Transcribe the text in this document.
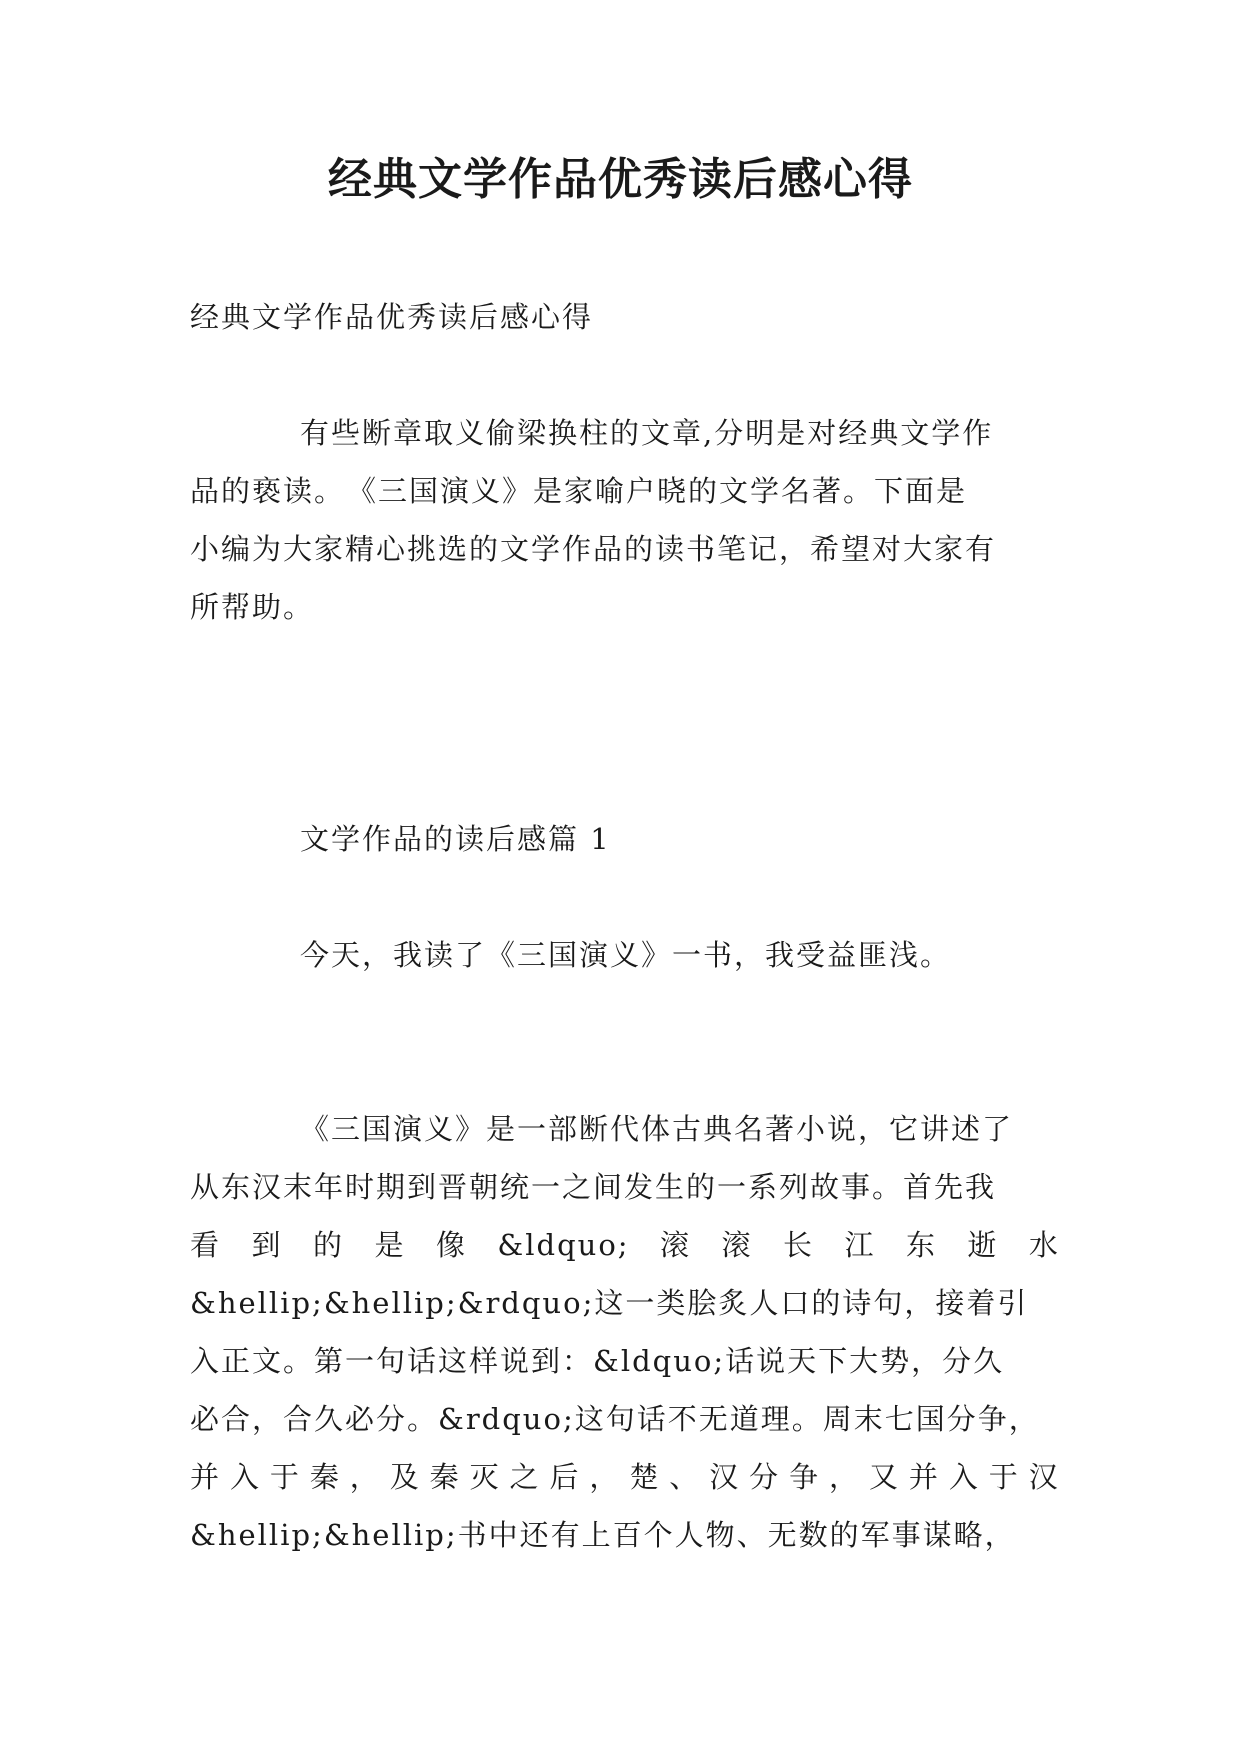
经典文学作品优秀读后感心得

经典文学作品优秀读后感心得

有些断章取义偷梁换柱的文章,分明是对经典文学作
品的亵读。　《三国演义》是家喻户晓的文学名著。下面是
小编为大家精心挑选的文学作品的读书笔记，希望对大家有
所帮助。

文学作品的读后感篇 1

今天，我读了《三国演义》一书，我受益匪浅。

《三国演义》是一部断代体古典名著小说，它讲述了
从东汉末年时期到晋朝统一之间发生的一系列故事。首先我
看 到 的 是 像 &ldquo; 滚 滚 长 江 东 逝 水
&hellip;&hellip;&rdquo;这一类脍炙人口的诗句，接着引
入正文。第一句话这样说到：&ldquo;话说天下大势，分久
必合，合久必分。&rdquo;这句话不无道理。周末七国分争，
并 入 于 秦 ， 及 秦 灭 之 后 ， 楚 、 汉 分 争 ， 又 并 入 于 汉
&hellip;&hellip;书中还有上百个人物、无数的军事谋略，
